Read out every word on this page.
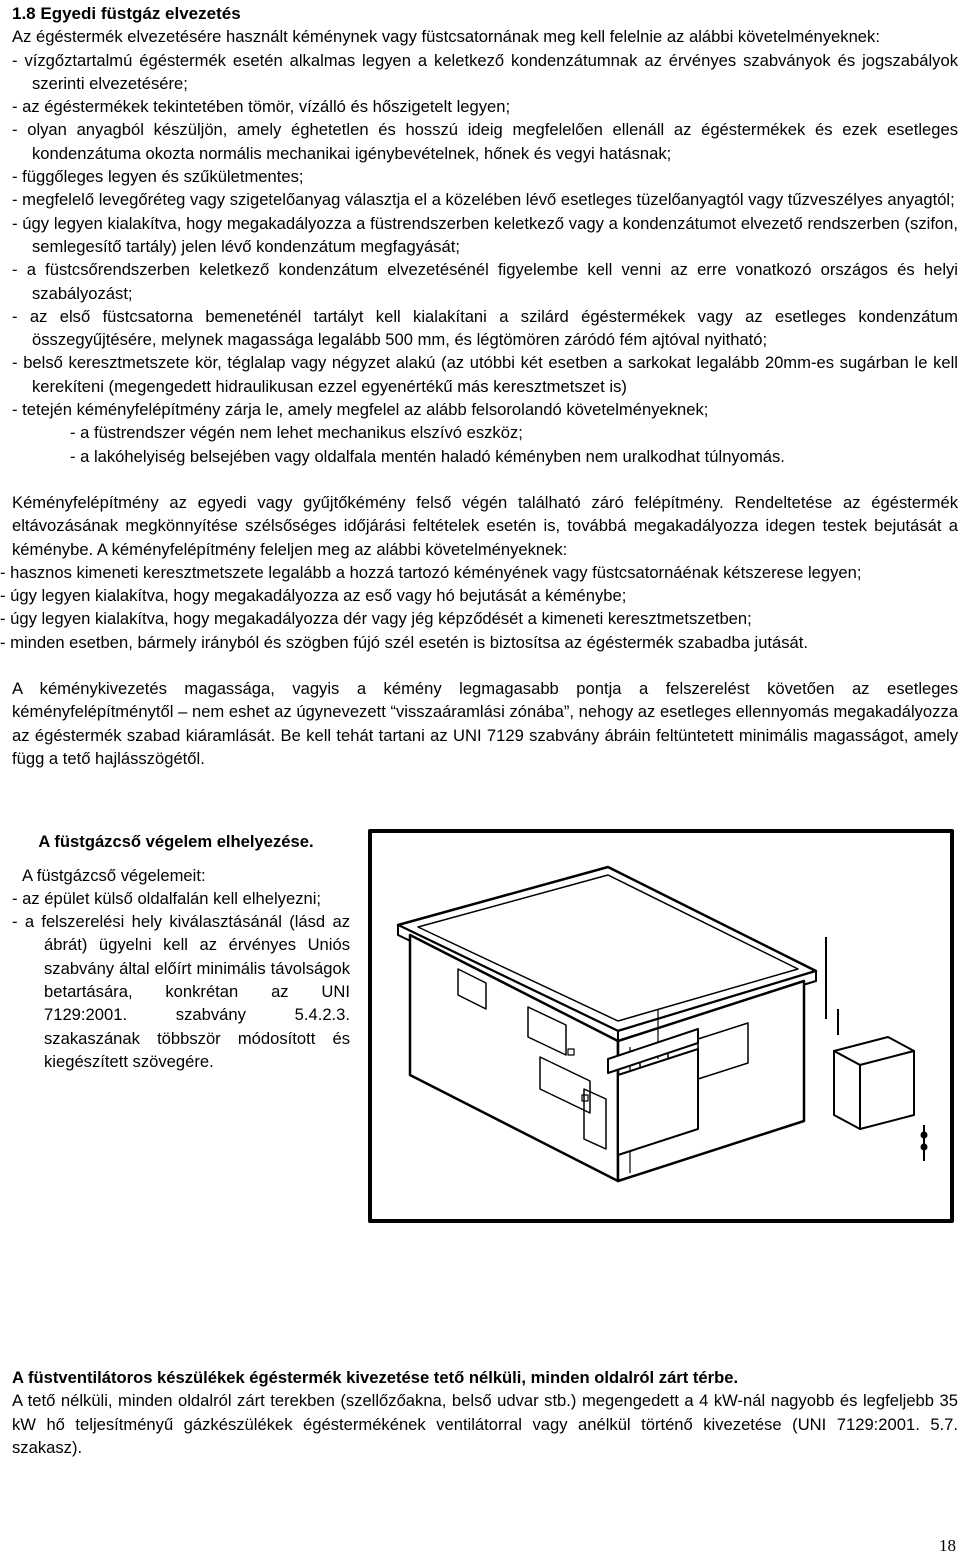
1.8 Egyedi füstgáz elvezetés

Az égéstermék elvezetésére használt kéménynek vagy füstcsatornának meg kell felelnie az alábbi követelményeknek:

- vízgőztartalmú égéstermék esetén alkalmas legyen a keletkező kondenzátumnak az érvényes szabványok és jogszabályok szerinti elvezetésére;

- az égéstermékek tekintetében tömör, vízálló és hőszigetelt legyen;

- olyan anyagból készüljön, amely éghetetlen és hosszú ideig megfelelően ellenáll az égéstermékek és ezek esetleges kondenzátuma okozta normális mechanikai igénybevételnek, hőnek és vegyi hatásnak;

- függőleges legyen és szűkületmentes;

- megfelelő levegőréteg vagy szigetelőanyag választja el a közelében lévő esetleges tüzelőanyagtól vagy tűzveszélyes anyagtól;

- úgy legyen kialakítva, hogy megakadályozza a füstrendszerben keletkező vagy a kondenzátumot elvezető rendszerben (szifon, semlegesítő tartály) jelen lévő kondenzátum megfagyását;

- a füstcsőrendszerben keletkező kondenzátum elvezetésénél figyelembe kell venni az erre vonatkozó országos és helyi szabályozást;

- az első füstcsatorna bemeneténél tartályt kell kialakítani a szilárd égéstermékek vagy az esetleges kondenzátum összegyűjtésére, melynek magassága legalább 500 mm, és légtömören záródó fém ajtóval nyitható;

- belső keresztmetszete kör, téglalap vagy négyzet alakú (az utóbbi két esetben a sarkokat legalább 20mm-es sugárban le kell kerekíteni (megengedett hidraulikusan ezzel egyenértékű más keresztmetszet is)

- tetején kéményfelépítmény zárja le, amely megfelel az alább felsorolandó követelményeknek;

- a füstrendszer végén nem lehet mechanikus elszívó eszköz;

- a lakóhelyiség belsejében vagy oldalfala mentén haladó kéményben nem uralkodhat túlnyomás.

Kéményfelépítmény az egyedi vagy gyűjtőkémény felső végén található záró felépítmény. Rendeltetése az égéstermék eltávozásának megkönnyítése szélsőséges időjárási feltételek esetén is, továbbá megakadályozza idegen testek bejutását a kéménybe. A kéményfelépítmény feleljen meg az alábbi követelményeknek:

- hasznos kimeneti keresztmetszete legalább a hozzá tartozó kéményének vagy füstcsatornáénak kétszerese legyen;

- úgy legyen kialakítva, hogy megakadályozza az eső vagy hó bejutását a kéménybe;

- úgy legyen kialakítva, hogy megakadályozza dér vagy jég képződését a kimeneti keresztmetszetben;

- minden esetben, bármely irányból és szögben fújó szél esetén is biztosítsa az égéstermék szabadba jutását.

A kéménykivezetés magassága, vagyis a kémény legmagasabb pontja a felszerelést követően az esetleges kéményfelépítménytől – nem eshet az úgynevezett “visszaáramlási zónába”, nehogy az esetleges ellennyomás megakadályozza az égéstermék szabad kiáramlását. Be kell tehát tartani az UNI 7129 szabvány ábráin feltüntetett minimális magasságot, amely függ a tető hajlásszögétől.

A füstgázcső végelem elhelyezése.

A füstgázcső végelemeit:

- az épület külső oldalfalán kell elhelyezni;

- a felszerelési hely kiválasztásánál (lásd az ábrát) ügyelni kell az érvényes Uniós szabvány által előírt minimális távolságok betartására, konkrétan az UNI 7129:2001. szabvány 5.4.2.3. szakaszának többször módosított és kiegészített szövegére.

A füstventilátoros készülékek égéstermék kivezetése tető nélküli, minden oldalról zárt térbe.

A tető nélküli, minden oldalról zárt terekben (szellőzőakna, belső udvar stb.) megengedett a 4 kW-nál nagyobb és legfeljebb 35 kW hő teljesítményű gázkészülékek égéstermékének ventilátorral vagy anélkül történő kivezetése (UNI 7129:2001. 5.7. szakasz).

18
